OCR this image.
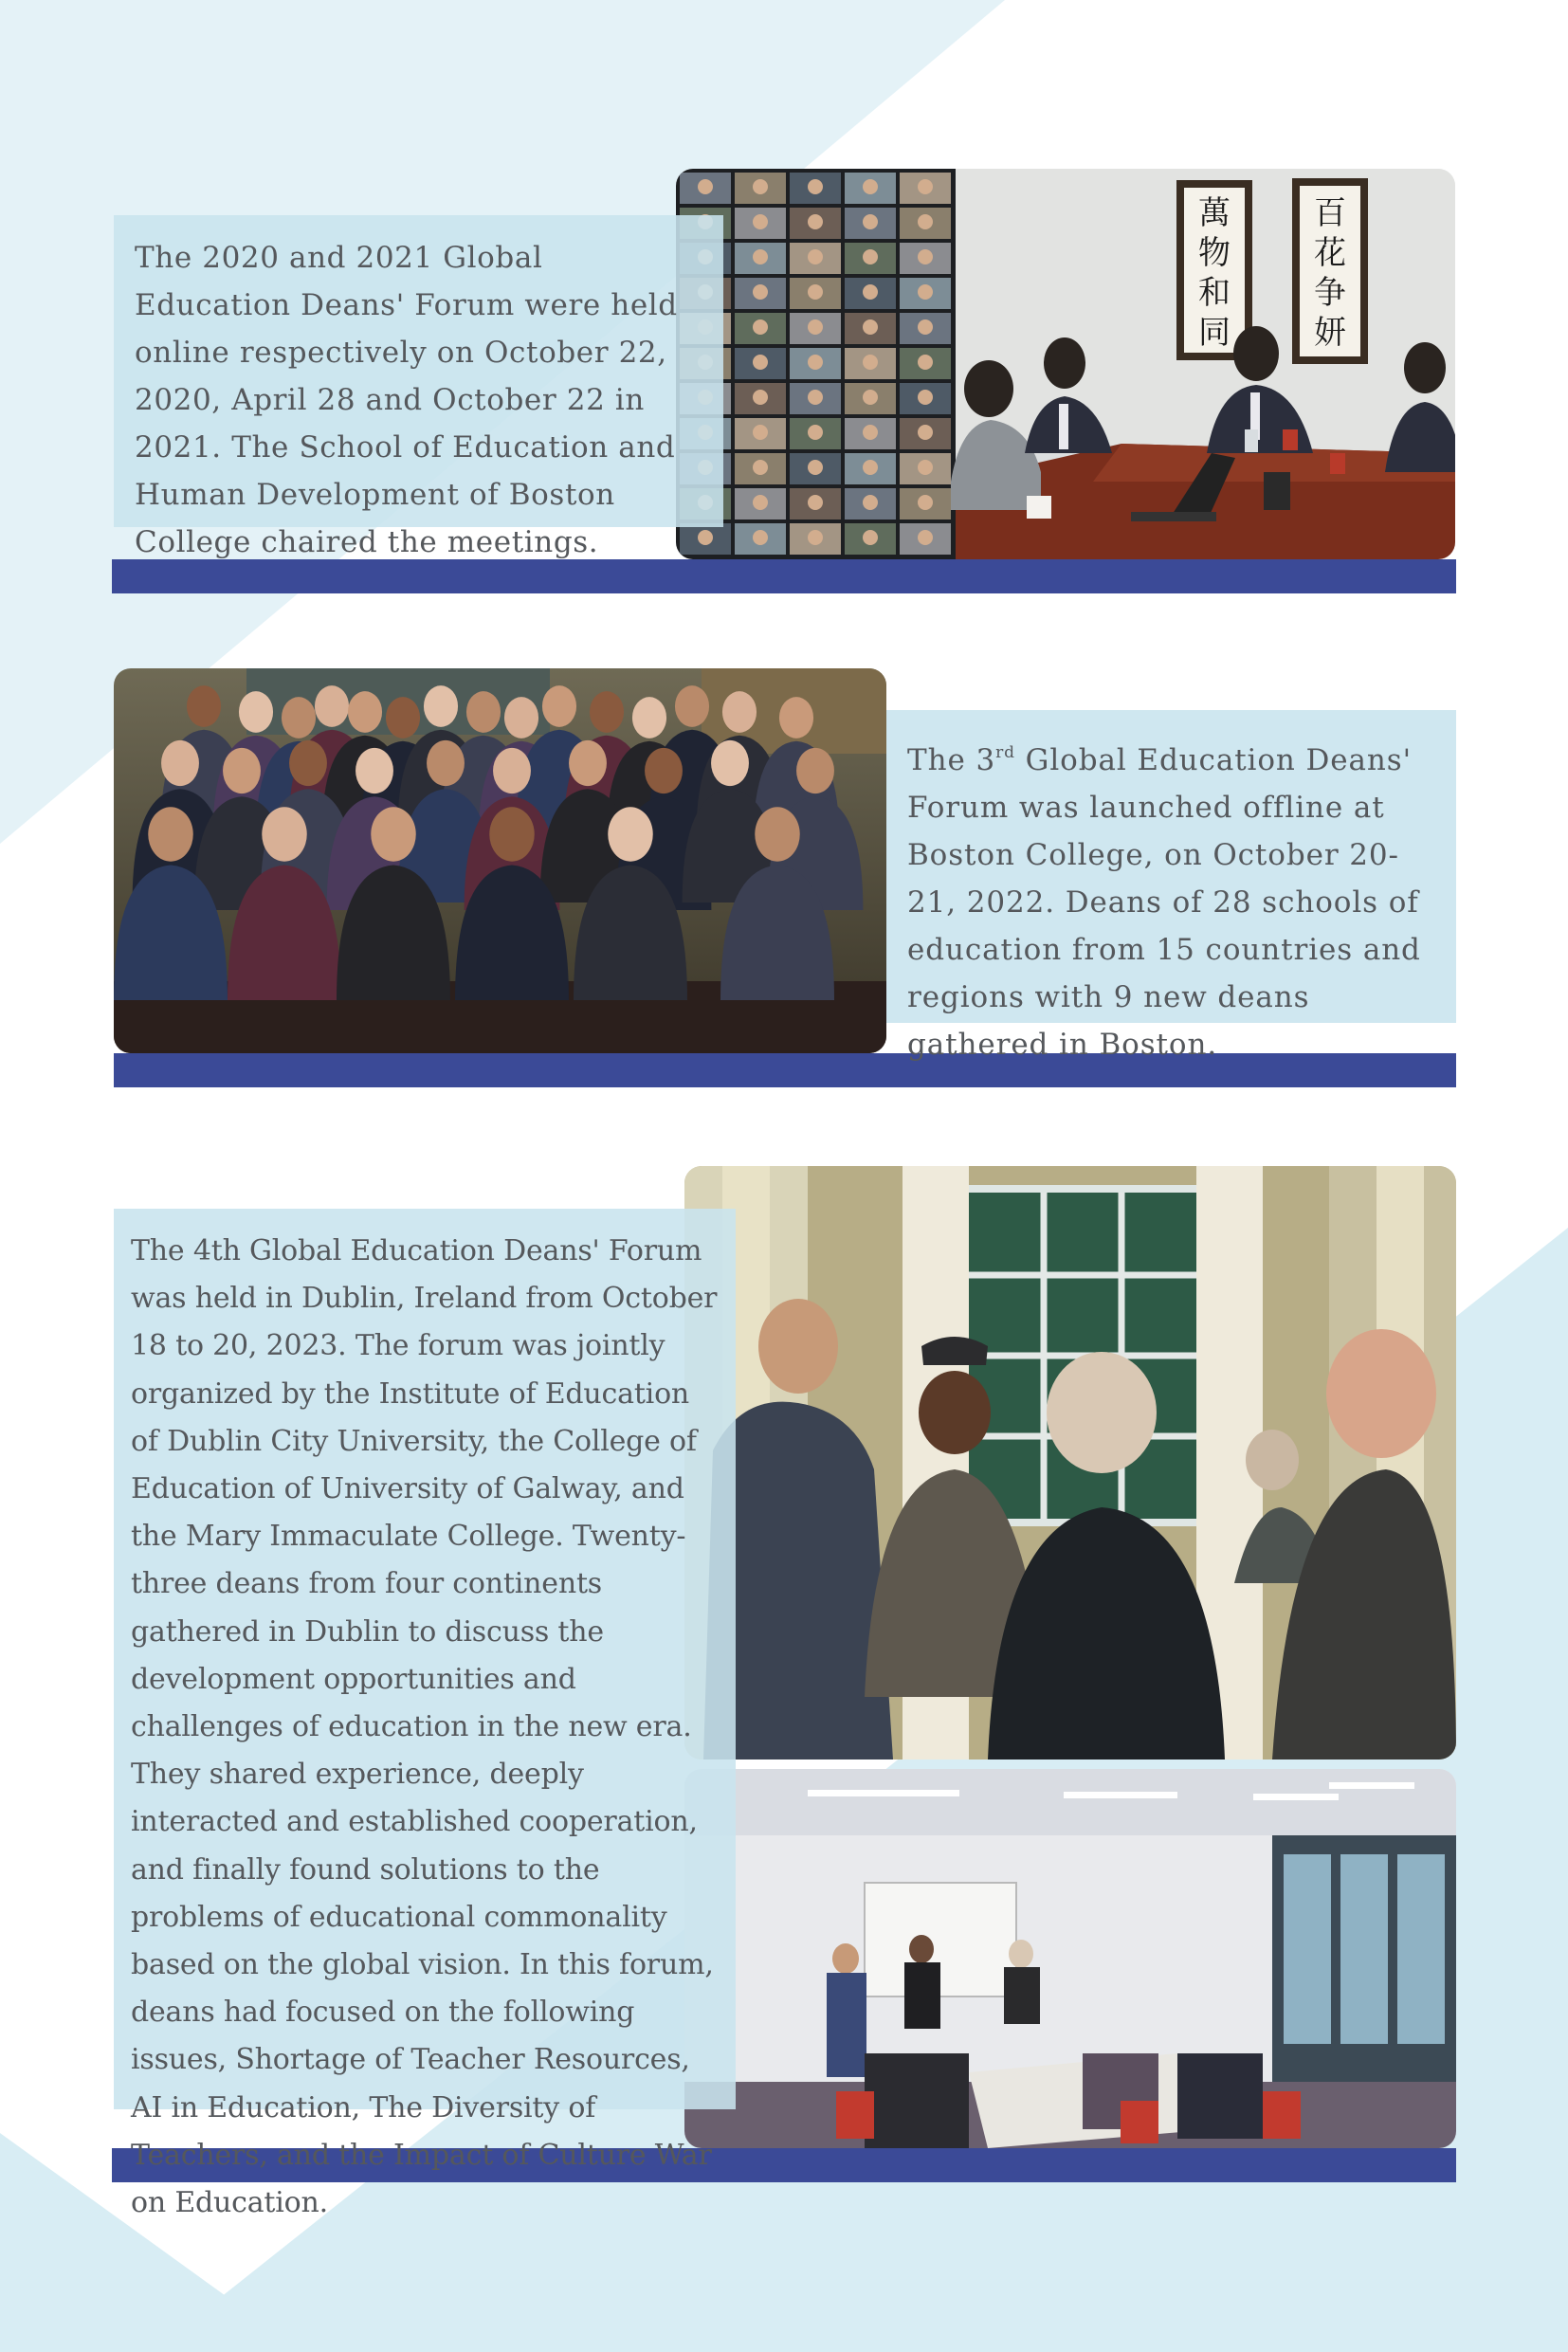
萬物和同
百花争妍

The 2020 and 2021 Global Education Deans' Forum were held online respectively on October 22, 2020, April 28 and October 22 in 2021. The School of Education and Human Development of Boston College chaired the meetings.

The 3rd Global Education Deans' Forum was launched offline at Boston College, on October 20-21, 2022. Deans of 28 schools of education from 15 countries and regions with 9 new deans gathered in Boston.

The 4th Global Education Deans' Forum was held in Dublin, Ireland from October 18 to 20, 2023. The forum was jointly organized by the Institute of Education of Dublin City University, the College of Education of University of Galway, and the Mary Immaculate College. Twenty-three deans from four continents gathered in Dublin to discuss the development opportunities and challenges of education in the new era. They shared experience, deeply interacted and established cooperation, and finally found solutions to the problems of educational commonality based on the global vision. In this forum, deans had focused on the following issues, Shortage of Teacher Resources, AI in Education, The Diversity of Teachers, and the Impact of Culture War on Education.
